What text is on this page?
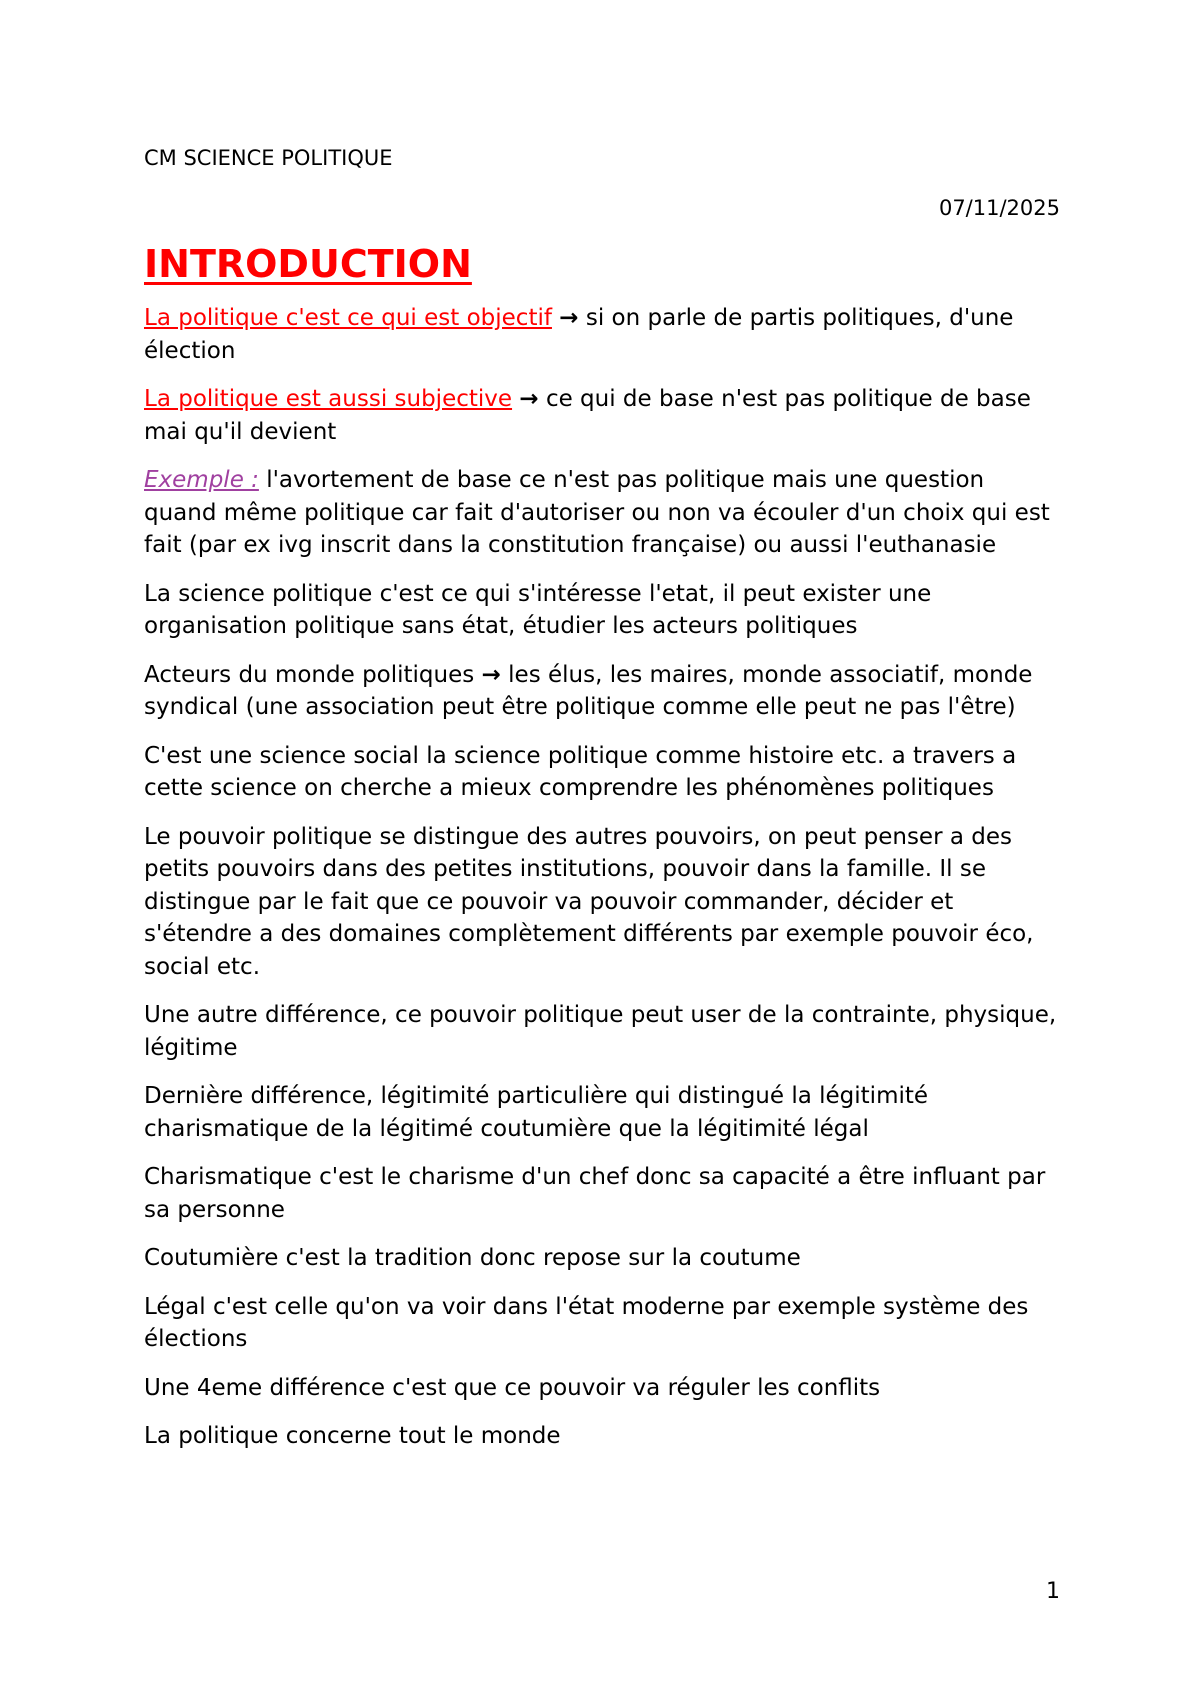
CM SCIENCE POLITIQUE

07/11/2025

INTRODUCTION

La politique c'est ce qui est objectif → si on parle de partis politiques, d'une élection

La politique est aussi subjective → ce qui de base n'est pas politique de base mai qu'il devient

Exemple : l'avortement de base ce n'est pas politique mais une question quand même politique car fait d'autoriser ou non va écouler d'un choix qui est fait (par ex ivg inscrit dans la constitution française) ou aussi l'euthanasie

La science politique c'est ce qui s'intéresse l'etat, il peut exister une organisation politique sans état, étudier les acteurs politiques

Acteurs du monde politiques → les élus, les maires, monde associatif, monde syndical (une association peut être politique comme elle peut ne pas l'être)

C'est une science social la science politique comme histoire etc. a travers a cette science on cherche a mieux comprendre les phénomènes politiques

Le pouvoir politique se distingue des autres pouvoirs, on peut penser a des petits pouvoirs dans des petites institutions, pouvoir dans la famille. Il se distingue par le fait que ce pouvoir va pouvoir commander, décider et s'étendre a des domaines complètement différents par exemple pouvoir éco, social etc.

Une autre différence, ce pouvoir politique peut user de la contrainte, physique, légitime

Dernière différence, légitimité particulière qui distingué la légitimité charismatique de la légitimé coutumière que la légitimité légal

Charismatique c'est le charisme d'un chef donc sa capacité a être influant par sa personne

Coutumière c'est la tradition donc repose sur la coutume

Légal c'est celle qu'on va voir dans l'état moderne par exemple système des élections

Une 4eme différence c'est que ce pouvoir va réguler les conflits

La politique concerne tout le monde

1
